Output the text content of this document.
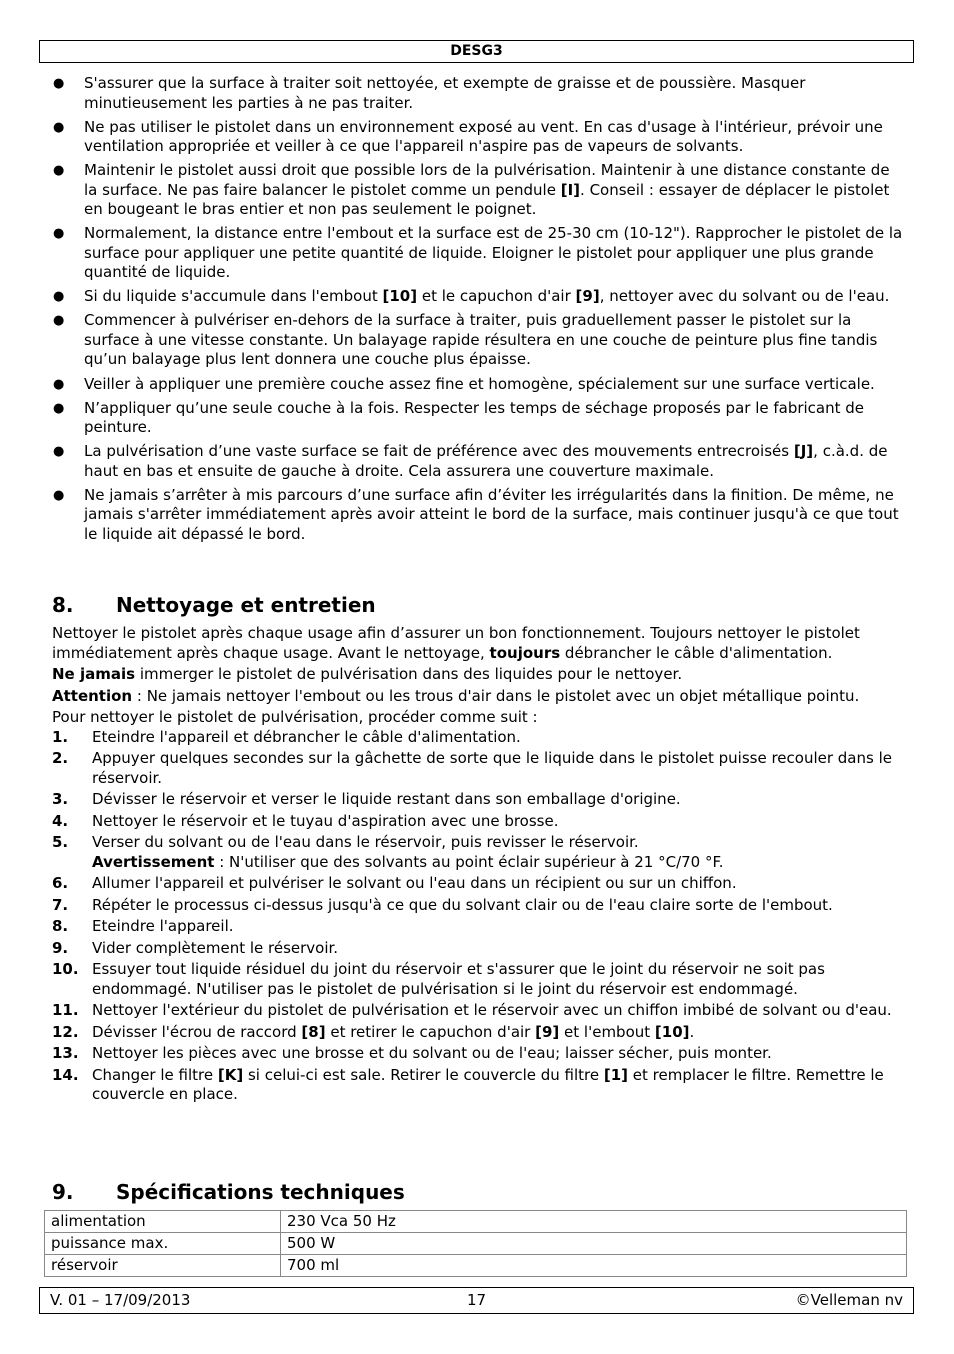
DESG3
● S'assurer que la surface à traiter soit nettoyée, et exempte de graisse et de poussière. Masquer minutieusement les parties à ne pas traiter.
● Ne pas utiliser le pistolet dans un environnement exposé au vent. En cas d'usage à l'intérieur, prévoir une ventilation appropriée et veiller à ce que l'appareil n'aspire pas de vapeurs de solvants.
● Maintenir le pistolet aussi droit que possible lors de la pulvérisation. Maintenir à une distance constante de la surface. Ne pas faire balancer le pistolet comme un pendule [I]. Conseil : essayer de déplacer le pistolet en bougeant le bras entier et non pas seulement le poignet.
● Normalement, la distance entre l'embout et la surface est de 25-30 cm (10-12"). Rapprocher le pistolet de la surface pour appliquer une petite quantité de liquide. Eloigner le pistolet pour appliquer une plus grande quantité de liquide.
● Si du liquide s'accumule dans l'embout [10] et le capuchon d'air [9], nettoyer avec du solvant ou de l'eau.
● Commencer à pulvériser en-dehors de la surface à traiter, puis graduellement passer le pistolet sur la surface à une vitesse constante. Un balayage rapide résultera en une couche de peinture plus fine tandis qu’un balayage plus lent donnera une couche plus épaisse.
● Veiller à appliquer une première couche assez fine et homogène, spécialement sur une surface verticale.
● N’appliquer qu’une seule couche à la fois. Respecter les temps de séchage proposés par le fabricant de peinture.
● La pulvérisation d’une vaste surface se fait de préférence avec des mouvements entrecroisés [J], c.à.d. de haut en bas et ensuite de gauche à droite. Cela assurera une couverture maximale.
● Ne jamais s’arrêter à mis parcours d’une surface afin d’éviter les irrégularités dans la finition. De même, ne jamais s'arrêter immédiatement après avoir atteint le bord de la surface, mais continuer jusqu'à ce que tout le liquide ait dépassé le bord.
8. Nettoyage et entretien

Nettoyer le pistolet après chaque usage afin d’assurer un bon fonctionnement. Toujours nettoyer le pistolet immédiatement après chaque usage. Avant le nettoyage, toujours débrancher le câble d'alimentation.

Ne jamais immerger le pistolet de pulvérisation dans des liquides pour le nettoyer.

Attention : Ne jamais nettoyer l'embout ou les trous d'air dans le pistolet avec un objet métallique pointu.

Pour nettoyer le pistolet de pulvérisation, procéder comme suit :

1. Eteindre l'appareil et débrancher le câble d'alimentation.
2. Appuyer quelques secondes sur la gâchette de sorte que le liquide dans le pistolet puisse recouler dans le réservoir.
3. Dévisser le réservoir et verser le liquide restant dans son emballage d'origine.
4. Nettoyer le réservoir et le tuyau d'aspiration avec une brosse.
5. Verser du solvant ou de l'eau dans le réservoir, puis revisser le réservoir.
Avertissement : N'utiliser que des solvants au point éclair supérieur à 21 °C/70 °F.
6. Allumer l'appareil et pulvériser le solvant ou l'eau dans un récipient ou sur un chiffon.
7. Répéter le processus ci-dessus jusqu'à ce que du solvant clair ou de l'eau claire sorte de l'embout.
8. Eteindre l'appareil.
9. Vider complètement le réservoir.
10. Essuyer tout liquide résiduel du joint du réservoir et s'assurer que le joint du réservoir ne soit pas endommagé. N'utiliser pas le pistolet de pulvérisation si le joint du réservoir est endommagé.
11. Nettoyer l'extérieur du pistolet de pulvérisation et le réservoir avec un chiffon imbibé de solvant ou d'eau.
12. Dévisser l'écrou de raccord [8] et retirer le capuchon d'air [9] et l'embout [10].
13. Nettoyer les pièces avec une brosse et du solvant ou de l'eau; laisser sécher, puis monter.
14. Changer le filtre [K] si celui-ci est sale. Retirer le couvercle du filtre [1] et remplacer le filtre. Remettre le couvercle en place.
9. Spécifications techniques
alimentation	230 Vca 50 Hz
puissance max.	500 W
réservoir	700 ml
V. 01 – 17/09/2013	17	©Velleman nv
